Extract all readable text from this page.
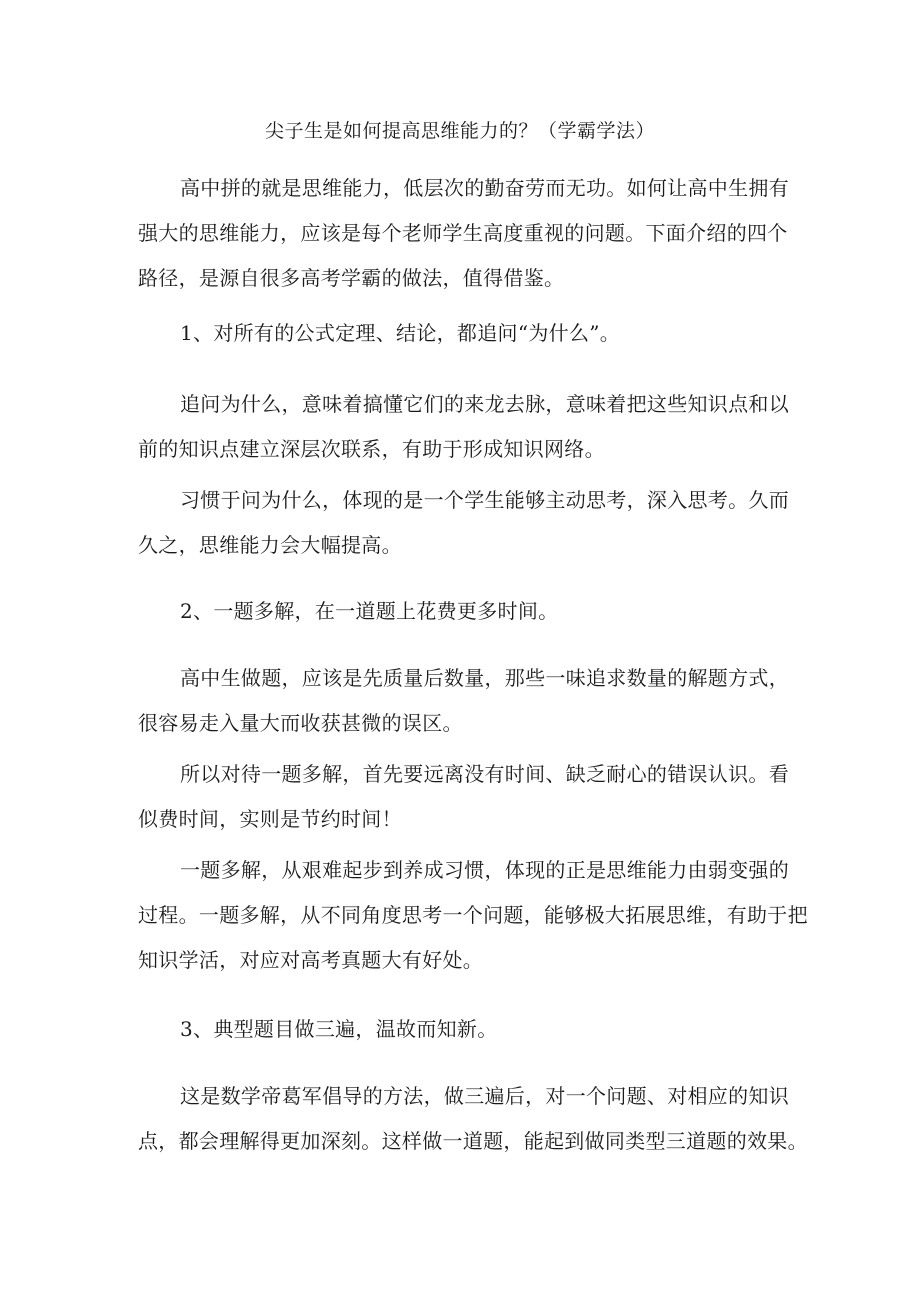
尖子生是如何提高思维能力的？（学霸学法）
高中拼的就是思维能力，低层次的勤奋劳而无功。如何让高中生拥有
强大的思维能力，应该是每个老师学生高度重视的问题。下面介绍的四个
路径，是源自很多高考学霸的做法，值得借鉴。
1、对所有的公式定理、结论，都追问“为什么”。
追问为什么，意味着搞懂它们的来龙去脉，意味着把这些知识点和以
前的知识点建立深层次联系，有助于形成知识网络。
习惯于问为什么，体现的是一个学生能够主动思考，深入思考。久而
久之，思维能力会大幅提高。
2、一题多解，在一道题上花费更多时间。
高中生做题，应该是先质量后数量，那些一味追求数量的解题方式，
很容易走入量大而收获甚微的误区。
所以对待一题多解，首先要远离没有时间、缺乏耐心的错误认识。看
似费时间，实则是节约时间！
一题多解，从艰难起步到养成习惯，体现的正是思维能力由弱变强的
过程。一题多解，从不同角度思考一个问题，能够极大拓展思维，有助于把
知识学活，对应对高考真题大有好处。
3、典型题目做三遍，温故而知新。
这是数学帝葛军倡导的方法，做三遍后，对一个问题、对相应的知识
点，都会理解得更加深刻。这样做一道题，能起到做同类型三道题的效果。
